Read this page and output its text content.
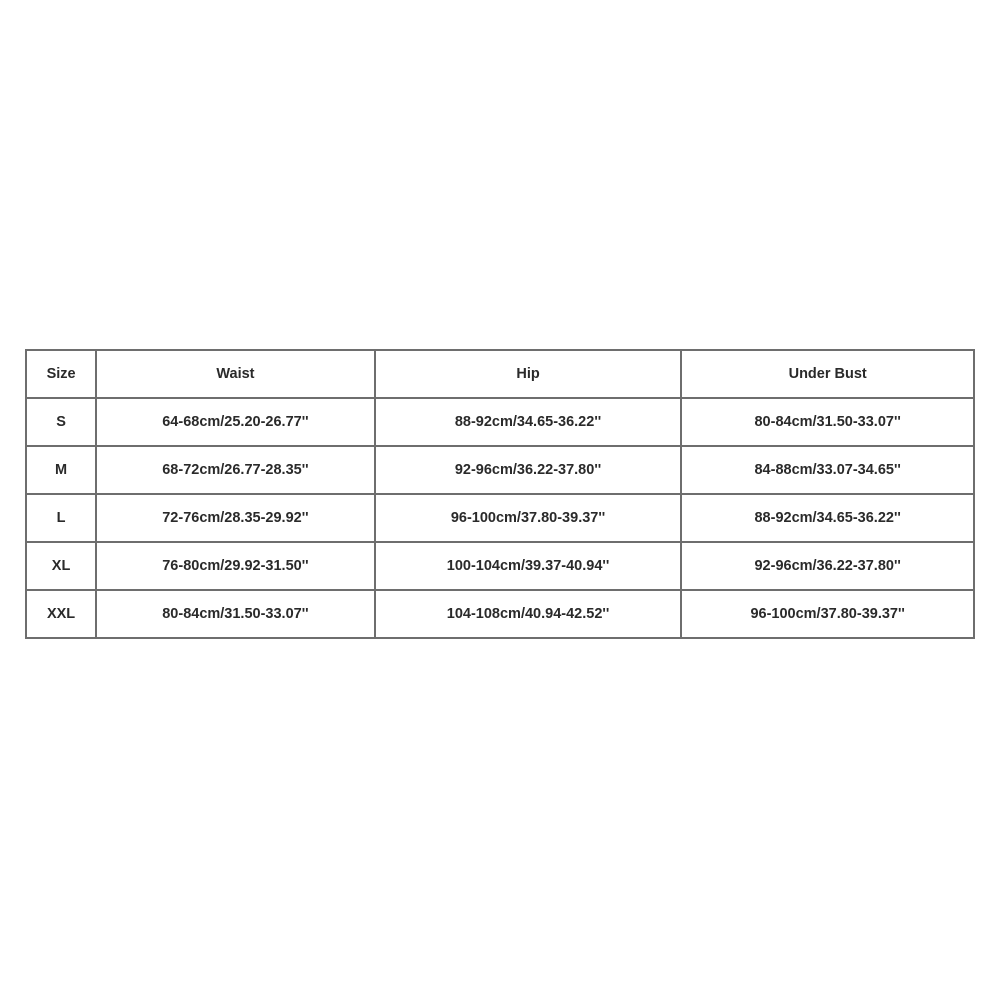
Size	Waist	Hip	Under Bust
S	64-68cm/25.20-26.77''	88-92cm/34.65-36.22''	80-84cm/31.50-33.07''
M	68-72cm/26.77-28.35''	92-96cm/36.22-37.80''	84-88cm/33.07-34.65''
L	72-76cm/28.35-29.92''	96-100cm/37.80-39.37''	88-92cm/34.65-36.22''
XL	76-80cm/29.92-31.50''	100-104cm/39.37-40.94''	92-96cm/36.22-37.80''
XXL	80-84cm/31.50-33.07''	104-108cm/40.94-42.52''	96-100cm/37.80-39.37''
